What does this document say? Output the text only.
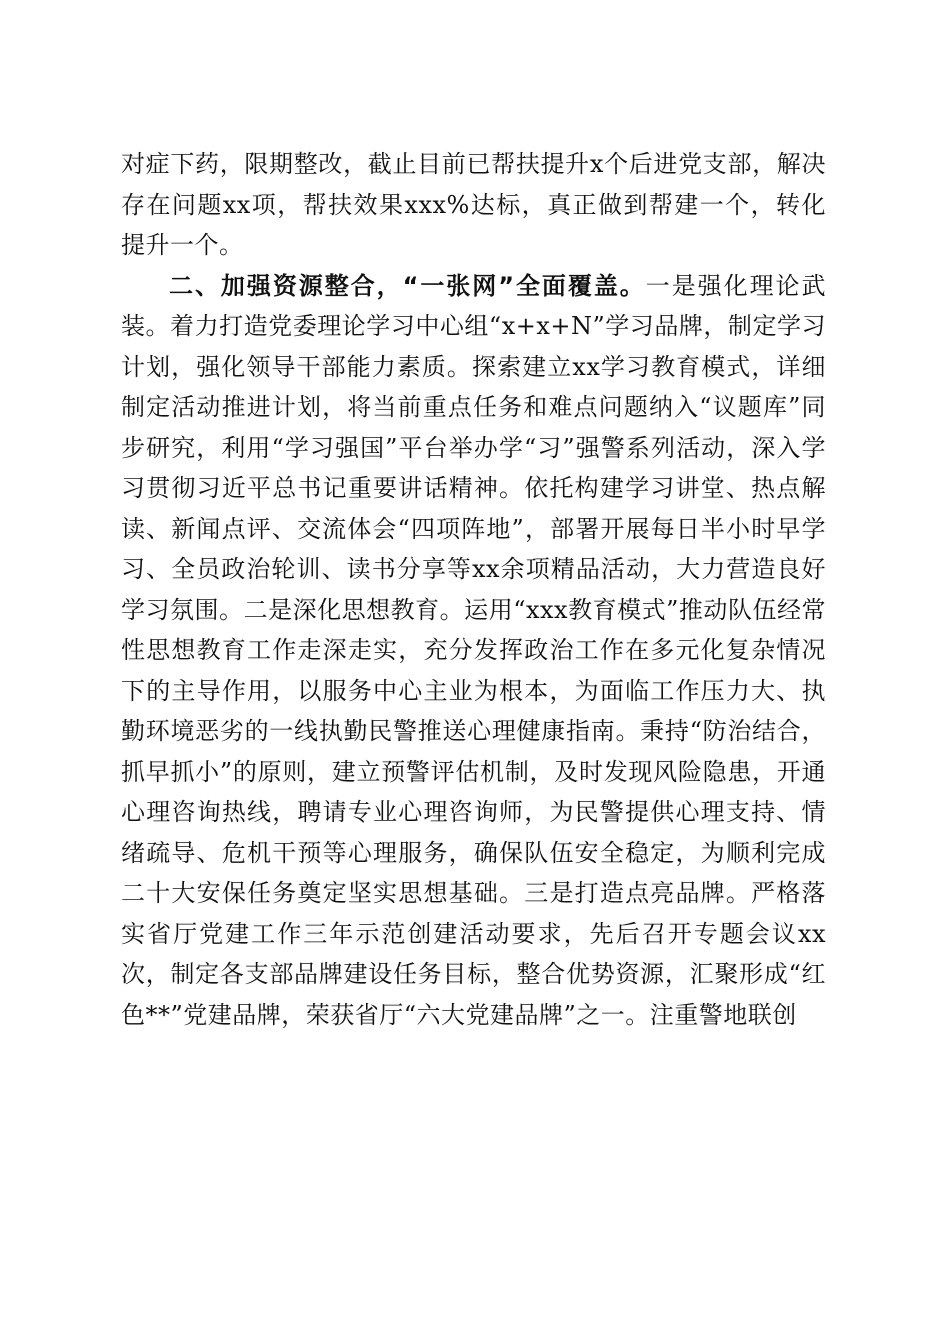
对症下药，限期整改，截止目前已帮扶提升x个后进党支部，解决存在问题xx项，帮扶效果xxx%达标，真正做到帮建一个，转化提升一个。

二、加强资源整合，“一张网”全面覆盖。一是强化理论武装。着力打造党委理论学习中心组“x+x+N”学习品牌，制定学习计划，强化领导干部能力素质。探索建立xx学习教育模式，详细制定活动推进计划，将当前重点任务和难点问题纳入“议题库”同步研究，利用“学习强国”平台举办学“习”强警系列活动，深入学习贯彻习近平总书记重要讲话精神。依托构建学习讲堂、热点解读、新闻点评、交流体会“四项阵地”，部署开展每日半小时早学习、全员政治轮训、读书分享等xx余项精品活动，大力营造良好学习氛围。二是深化思想教育。运用“xxx教育模式”推动队伍经常性思想教育工作走深走实，充分发挥政治工作在多元化复杂情况下的主导作用，以服务中心主业为根本，为面临工作压力大、执勤环境恶劣的一线执勤民警推送心理健康指南。秉持“防治结合，抓早抓小”的原则，建立预警评估机制，及时发现风险隐患，开通心理咨询热线，聘请专业心理咨询师，为民警提供心理支持、情绪疏导、危机干预等心理服务，确保队伍安全稳定，为顺利完成二十大安保任务奠定坚实思想基础。三是打造点亮品牌。严格落实省厅党建工作三年示范创建活动要求，先后召开专题会议xx次，制定各支部品牌建设任务目标，整合优势资源，汇聚形成“红色**”党建品牌，荣获省厅“六大党建品牌”之一。注重警地联创
